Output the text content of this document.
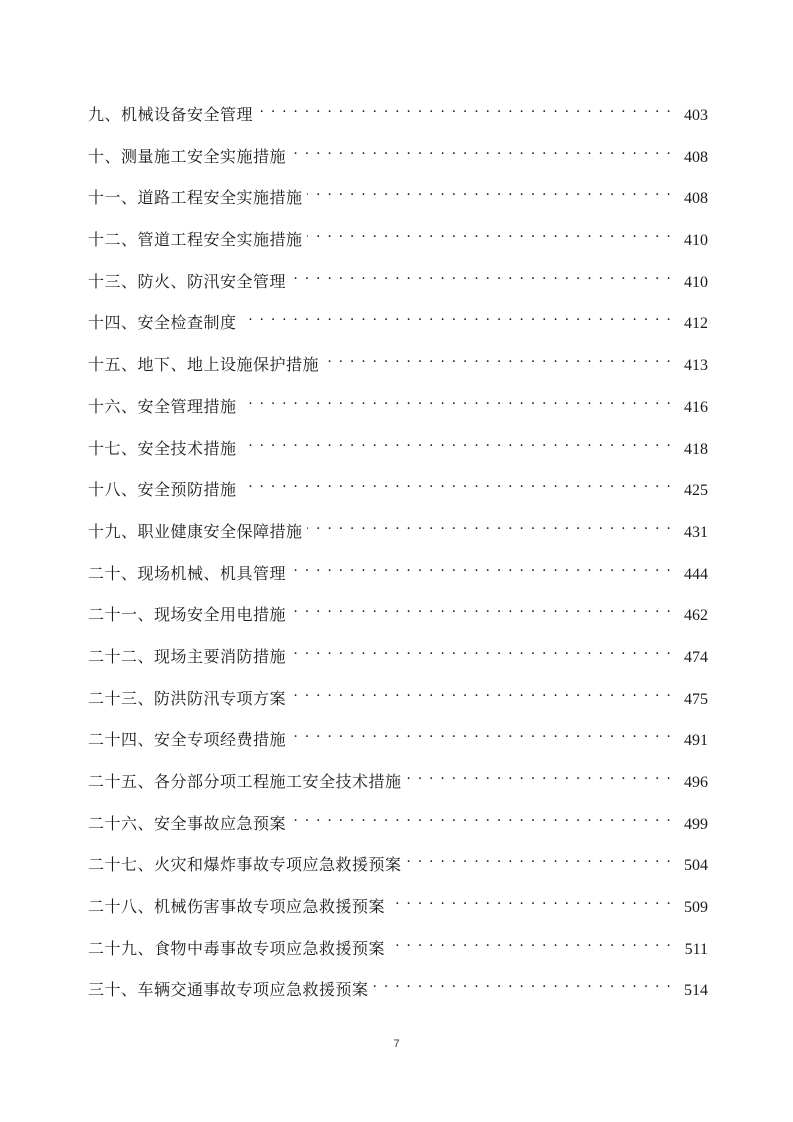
九、机械设备安全管理 . . .	403
十、测量施工安全实施措施 . . .	408
十一、道路工程安全实施措施 . . .	408
十二、管道工程安全实施措施 . . .	410
十三、防火、防汛安全管理 . . .	410
十四、安全检查制度 . . .	412
十五、地下、地上设施保护措施 . . .	413
十六、安全管理措施 . . .	416
十七、安全技术措施 . . .	418
十八、安全预防措施 . . .	425
十九、职业健康安全保障措施 . . .	431
二十、现场机械、机具管理 . . .	444
二十一、现场安全用电措施 . . .	462
二十二、现场主要消防措施 . . .	474
二十三、防洪防汛专项方案 . . .	475
二十四、安全专项经费措施 . . .	491
二十五、各分部分项工程施工安全技术措施 . . .	496
二十六、安全事故应急预案 . . .	499
二十七、火灾和爆炸事故专项应急救援预案 . . .	504
二十八、机械伤害事故专项应急救援预案 . . .	509
二十九、食物中毒事故专项应急救援预案 . . .	511
三十、车辆交通事故专项应急救援预案 . . .	514
7
